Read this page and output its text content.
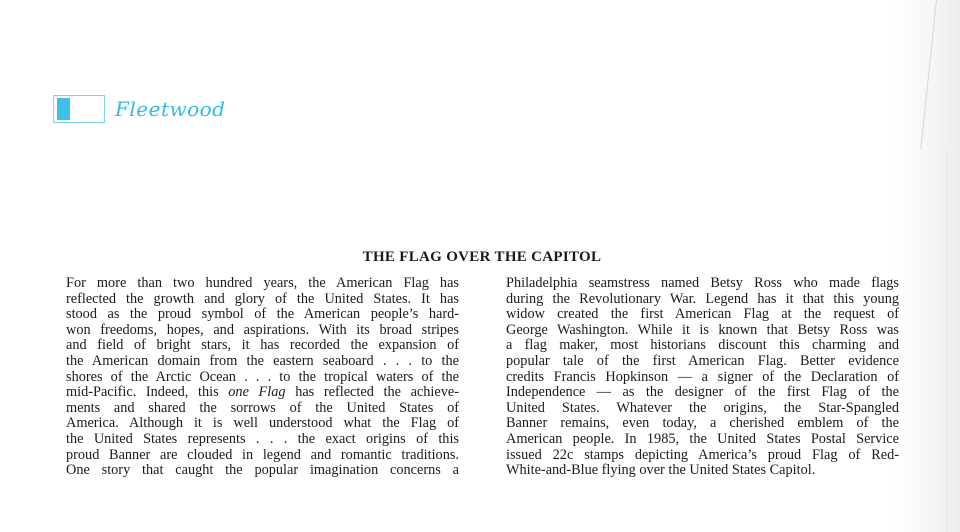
Fleetwood
THE FLAG OVER THE CAPITOL
For more than two hundred years, the American Flag has
reflected the growth and glory of the United States. It has
stood as the proud symbol of the American people’s hard-
won freedoms, hopes, and aspirations. With its broad stripes
and field of bright stars, it has recorded the expansion of
the American domain from the eastern seaboard . . . to the
shores of the Arctic Ocean . . . to the tropical waters of the
mid-Pacific. Indeed, this one Flag has reflected the achieve-
ments and shared the sorrows of the United States of
America. Although it is well understood what the Flag of
the United States represents . . . the exact origins of this
proud Banner are clouded in legend and romantic traditions.
One story that caught the popular imagination concerns a
Philadelphia seamstress named Betsy Ross who made flags
during the Revolutionary War. Legend has it that this young
widow created the first American Flag at the request of
George Washington. While it is known that Betsy Ross was
a flag maker, most historians discount this charming and
popular tale of the first American Flag. Better evidence
credits Francis Hopkinson — a signer of the Declaration of
Independence — as the designer of the first Flag of the
United States. Whatever the origins, the Star-Spangled
Banner remains, even today, a cherished emblem of the
American people. In 1985, the United States Postal Service
issued 22c stamps depicting America’s proud Flag of Red-
White-and-Blue flying over the United States Capitol.
